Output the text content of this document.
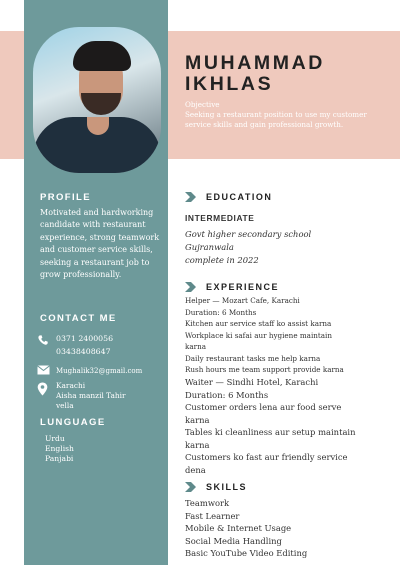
MUHAMMAD
IKHLAS
Objective
Seeking a restaurant position to use my customer service skills and gain professional growth.
PROFILE
Motivated and hardworking candidate with restaurant experience, strong teamwork and customer service skills, seeking a restaurant job to grow professionally.
CONTACT ME
0371 2400056
03438408647
Mughalik32@gmail.com
Karachi
Aisha manzil Tahir
vella
LUNGUAGE
Urdu
English
Panjabi
EDUCATION
INTERMEDIATE
Govt higher secondary school
Gujranwala
complete in 2022
EXPERIENCE
Helper — Mozart Cafe, Karachi
Duration: 6 Months
Kitchen aur service staff ko assist karna
Workplace ki safai aur hygiene maintain
karna
Daily restaurant tasks me help karna
Rush hours me team support provide karna
Waiter — Sindhi Hotel, Karachi
Duration: 6 Months
Customer orders lena aur food serve
karna
Tables ki cleanliness aur setup maintain
karna
Customers ko fast aur friendly service
dena
SKILLS
Teamwork
Fast Learner
Mobile & Internet Usage
Social Media Handling
Basic YouTube Video Editing
